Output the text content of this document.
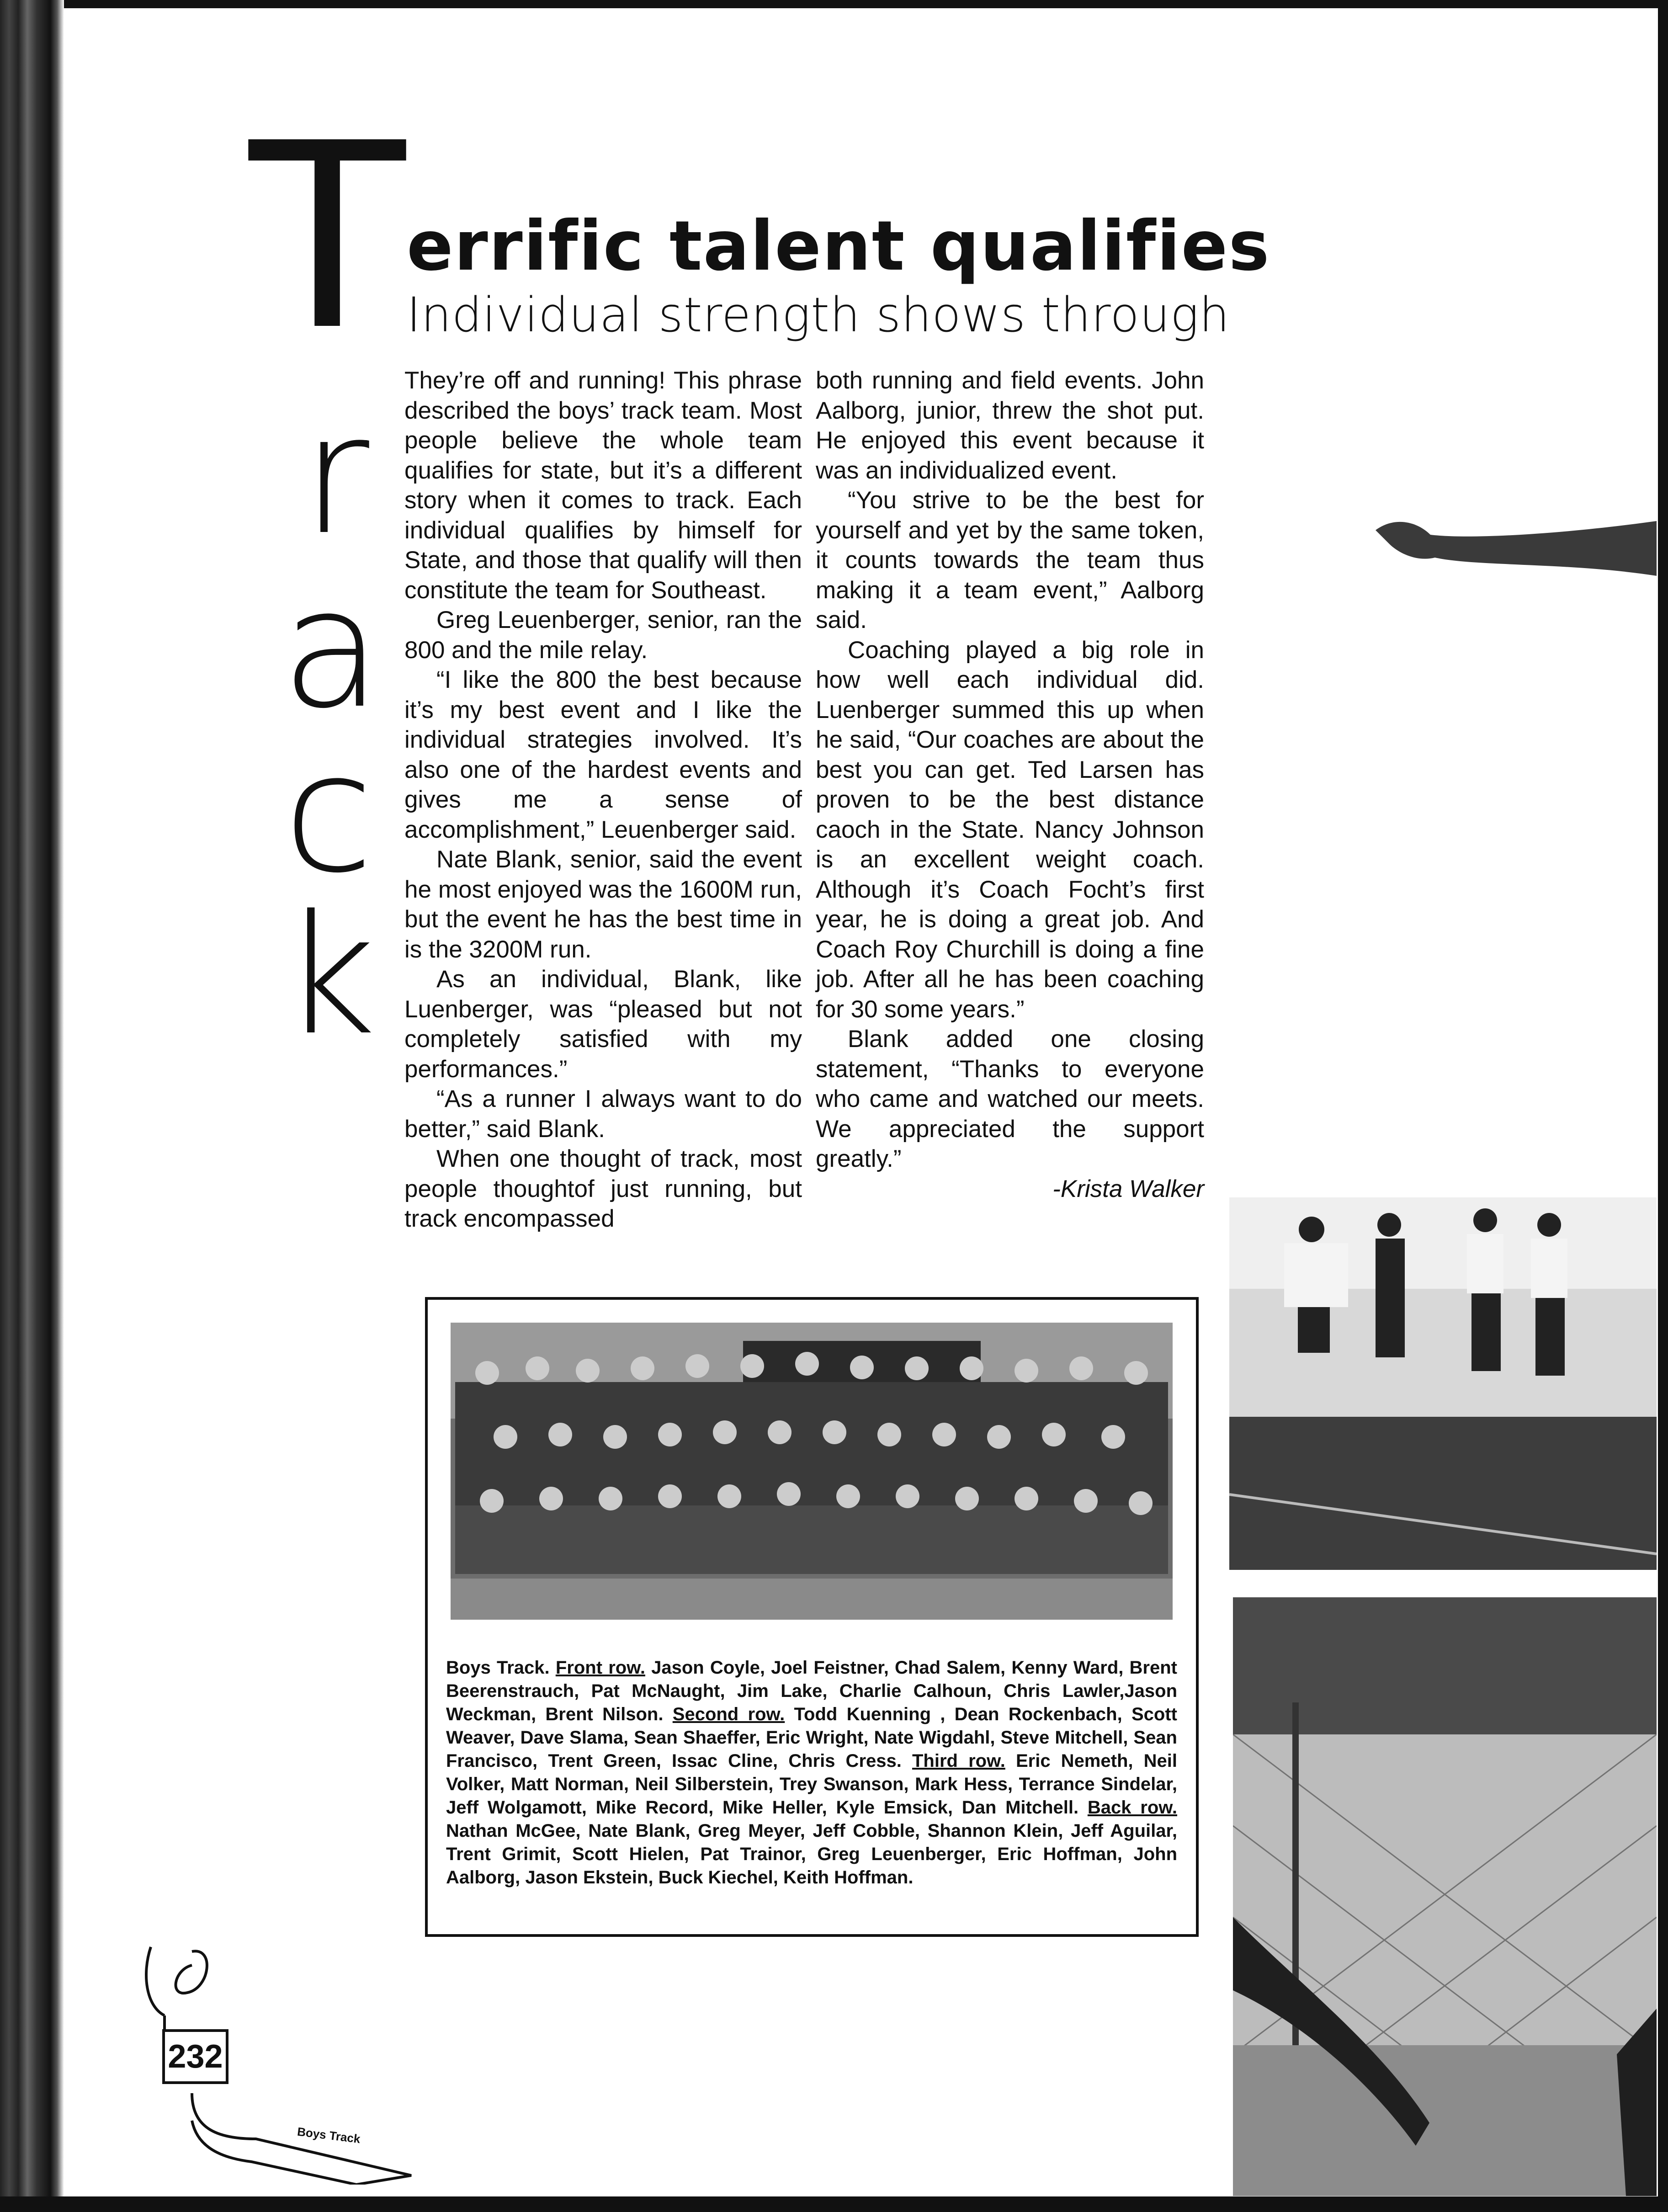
T
r
a
c
k
errific talent qualifies
Individual strength shows through

They’re off and running! This phrase described the boys’ track team. Most people believe the whole team qualifies for state, but it’s a different story when it comes to track. Each individual qualifies by himself for State, and those that qualify will then constitute the team for Southeast.

Greg Leuenberger, senior, ran the 800 and the mile relay.

“I like the 800 the best because it’s my best event and I like the individual strategies involved. It’s also one of the hardest events and gives me a sense of accomplishment,” Leuenberger said.

Nate Blank, senior, said the event he most enjoyed was the 1600M run, but the event he has the best time in is the 3200M run.

As an individual, Blank, like Luenberger, was “pleased but not completely satisfied with my performances.”

“As a runner I always want to do better,” said Blank.

When one thought of track, most people thoughtof just running, but track encompassed

both running and field events. John Aalborg, junior, threw the shot put. He enjoyed this event because it was an individualized event.

“You strive to be the best for yourself and yet by the same token, it counts towards the team thus making it a team event,” Aalborg said.

Coaching played a big role in how well each individual did. Luenberger summed this up when he said, “Our coaches are about the best you can get. Ted Larsen has proven to be the best distance caoch in the State. Nancy Johnson is an excellent weight coach. Although it’s Coach Focht’s first year, he is doing a great job. And Coach Roy Churchill is doing a fine job. After all he has been coaching for 30 some years.”

Blank added one closing statement, “Thanks to everyone who came and watched our meets. We appreciated the support greatly.”

-Krista Walker

Boys Track. Front row. Jason Coyle, Joel Feistner, Chad Salem, Kenny Ward, Brent Beerenstrauch, Pat McNaught, Jim Lake, Charlie Calhoun, Chris Lawler,Jason Weckman, Brent Nilson. Second row. Todd Kuenning , Dean Rockenbach, Scott Weaver, Dave Slama, Sean Shaeffer, Eric Wright, Nate Wigdahl, Steve Mitchell, Sean Francisco, Trent Green, Issac Cline, Chris Cress. Third row. Eric Nemeth, Neil Volker, Matt Norman, Neil Silberstein, Trey Swanson, Mark Hess, Terrance Sindelar, Jeff Wolgamott, Mike Record, Mike Heller, Kyle Emsick, Dan Mitchell. Back row. Nathan McGee, Nate Blank, Greg Meyer, Jeff Cobble, Shannon Klein, Jeff Aguilar, Trent Grimit, Scott Hielen, Pat Trainor, Greg Leuenberger, Eric Hoffman, John Aalborg, Jason Ekstein, Buck Kiechel, Keith Hoffman.
232
Boys Track
